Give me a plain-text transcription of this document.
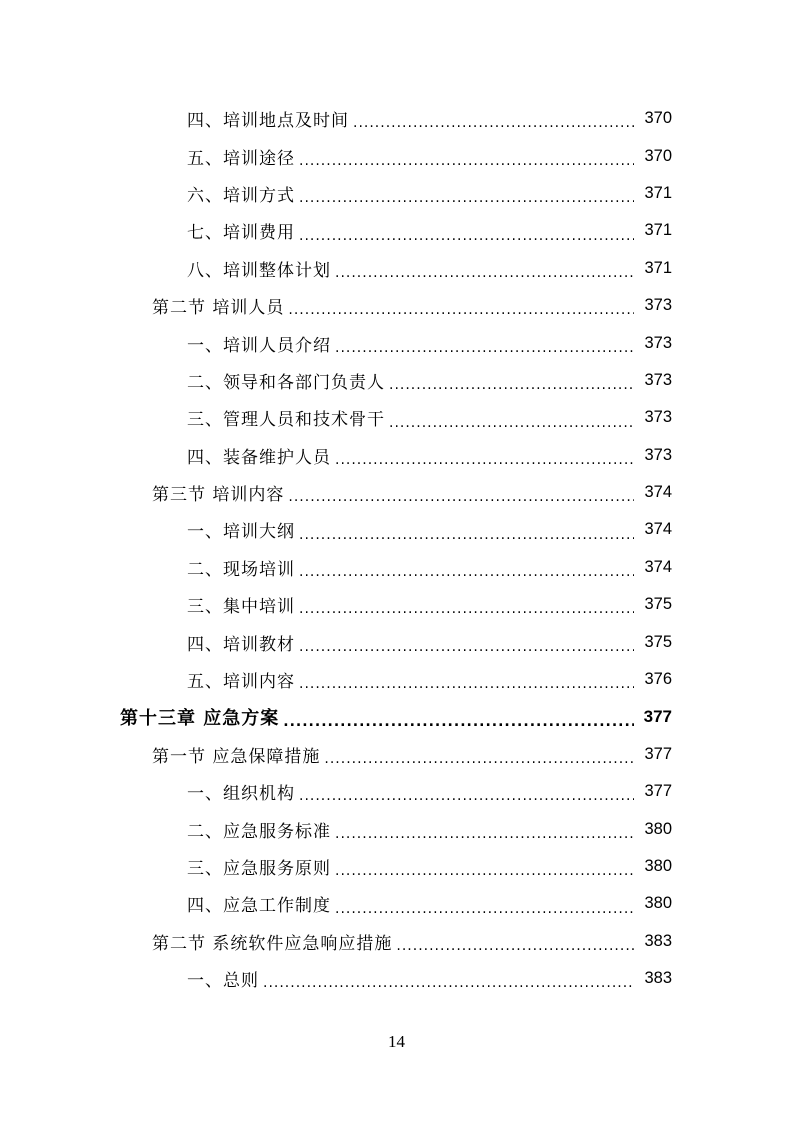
四、培训地点及时间 .....	370
五、培训途径 .....	370
六、培训方式 .....	371
七、培训费用 .....	371
八、培训整体计划 .....	371
第二节 培训人员 .....	373
一、培训人员介绍 .....	373
二、领导和各部门负责人 .....	373
三、管理人员和技术骨干 .....	373
四、装备维护人员 .....	373
第三节 培训内容 .....	374
一、培训大纲 .....	374
二、现场培训 .....	374
三、集中培训 .....	375
四、培训教材 .....	375
五、培训内容 .....	376
第十三章 应急方案 .....	377
第一节 应急保障措施 .....	377
一、组织机构 .....	377
二、应急服务标准 .....	380
三、应急服务原则 .....	380
四、应急工作制度 .....	380
第二节 系统软件应急响应措施 .....	383
一、总则 .....	383
14
